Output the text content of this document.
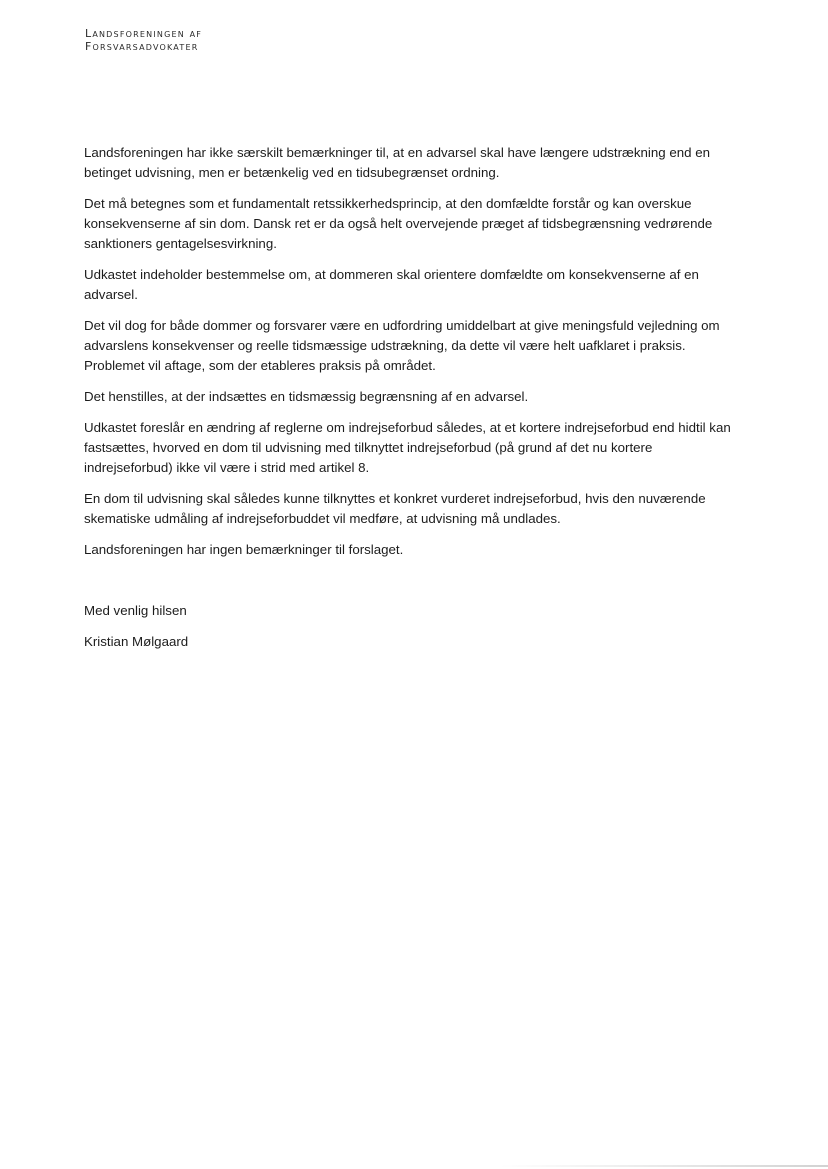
Landsforeningen af
Forsvarsadvokater

Landsforeningen har ikke særskilt bemærkninger til, at en advarsel skal have længere udstrækning end en betinget udvisning, men er betænkelig ved en tidsubegrænset ordning.

Det må betegnes som et fundamentalt retssikkerhedsprincip, at den domfældte forstår og kan overskue konsekvenserne af sin dom. Dansk ret er da også helt overvejende præget af tidsbegrænsning vedrørende sanktioners gentagelsesvirkning.

Udkastet indeholder bestemmelse om, at dommeren skal orientere domfældte om konsekvenserne af en advarsel.

Det vil dog for både dommer og forsvarer være en udfordring umiddelbart at give meningsfuld vejledning om advarslens konsekvenser og reelle tidsmæssige udstrækning, da dette vil være helt uafklaret i praksis. Problemet vil aftage, som der etableres praksis på området.

Det henstilles, at der indsættes en tidsmæssig begrænsning af en advarsel.

Udkastet foreslår en ændring af reglerne om indrejseforbud således, at et kortere indrejseforbud end hidtil kan fastsættes, hvorved en dom til udvisning med tilknyttet indrejseforbud (på grund af det nu kortere indrejseforbud) ikke vil være i strid med artikel 8.

En dom til udvisning skal således kunne tilknyttes et konkret vurderet indrejseforbud, hvis den nuværende skematiske udmåling af indrejseforbuddet vil medføre, at udvisning må undlades.

Landsforeningen har ingen bemærkninger til forslaget.

Med venlig hilsen

Kristian Mølgaard
